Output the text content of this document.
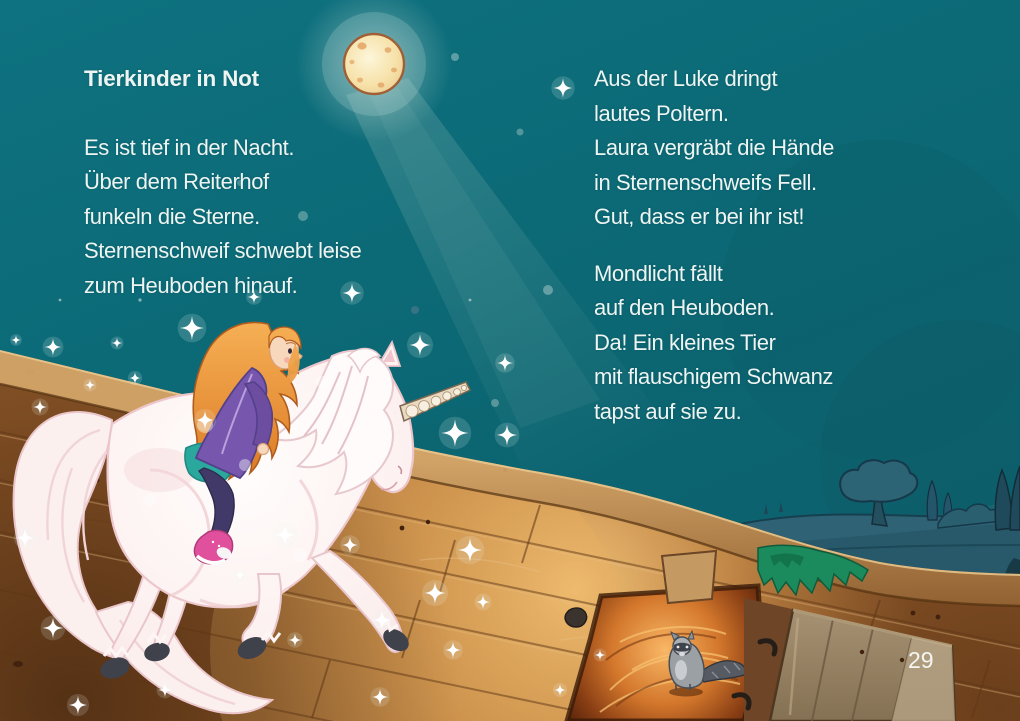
Tierkinder in Not

Es ist tief in der Nacht.
Über dem Reiterhof
funkeln die Sterne.
Sternenschweif schwebt leise
zum Heuboden hinauf.

Aus der Luke dringt
lautes Poltern.
Laura vergräbt die Hände
in Sternenschweifs Fell.
Gut, dass er bei ihr ist!

Mondlicht fällt
auf den Heuboden.
Da! Ein kleines Tier
mit flauschigem Schwanz
tapst auf sie zu.

29
